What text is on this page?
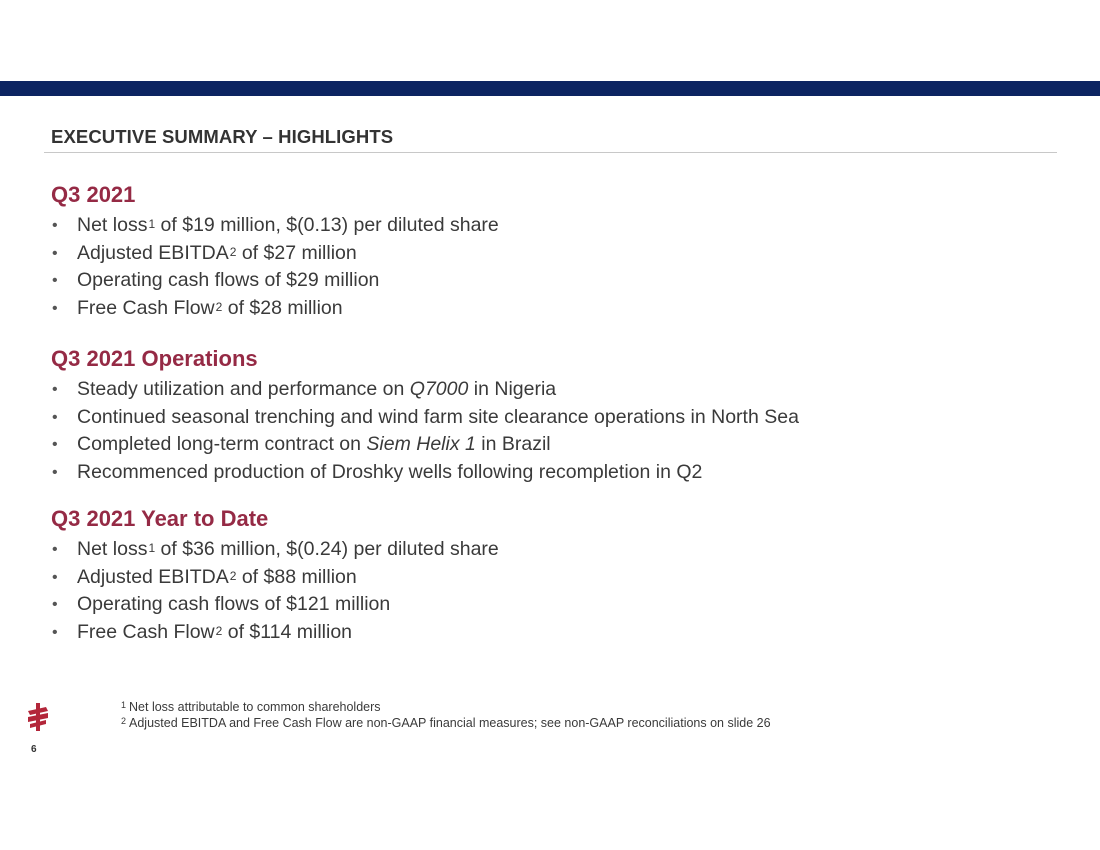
EXECUTIVE SUMMARY – HIGHLIGHTS
Q3 2021
• Net loss$^1$ of $19 million, $(0.13) per diluted share
• Adjusted EBITDA$^2$ of $27 million
• Operating cash flows of $29 million
• Free Cash Flow$^2$ of $28 million
Q3 2021 Operations
• Steady utilization and performance on Q7000 in Nigeria
• Continued seasonal trenching and wind farm site clearance operations in North Sea
• Completed long-term contract on Siem Helix 1 in Brazil
• Recommenced production of Droshky wells following recompletion in Q2
Q3 2021 Year to Date
• Net loss$^1$ of $36 million, $(0.24) per diluted share
• Adjusted EBITDA$^2$ of $88 million
• Operating cash flows of $121 million
• Free Cash Flow$^2$ of $114 million
$^1$ Net loss attributable to common shareholders
$^2$ Adjusted EBITDA and Free Cash Flow are non-GAAP financial measures; see non-GAAP reconciliations on slide 26
6
